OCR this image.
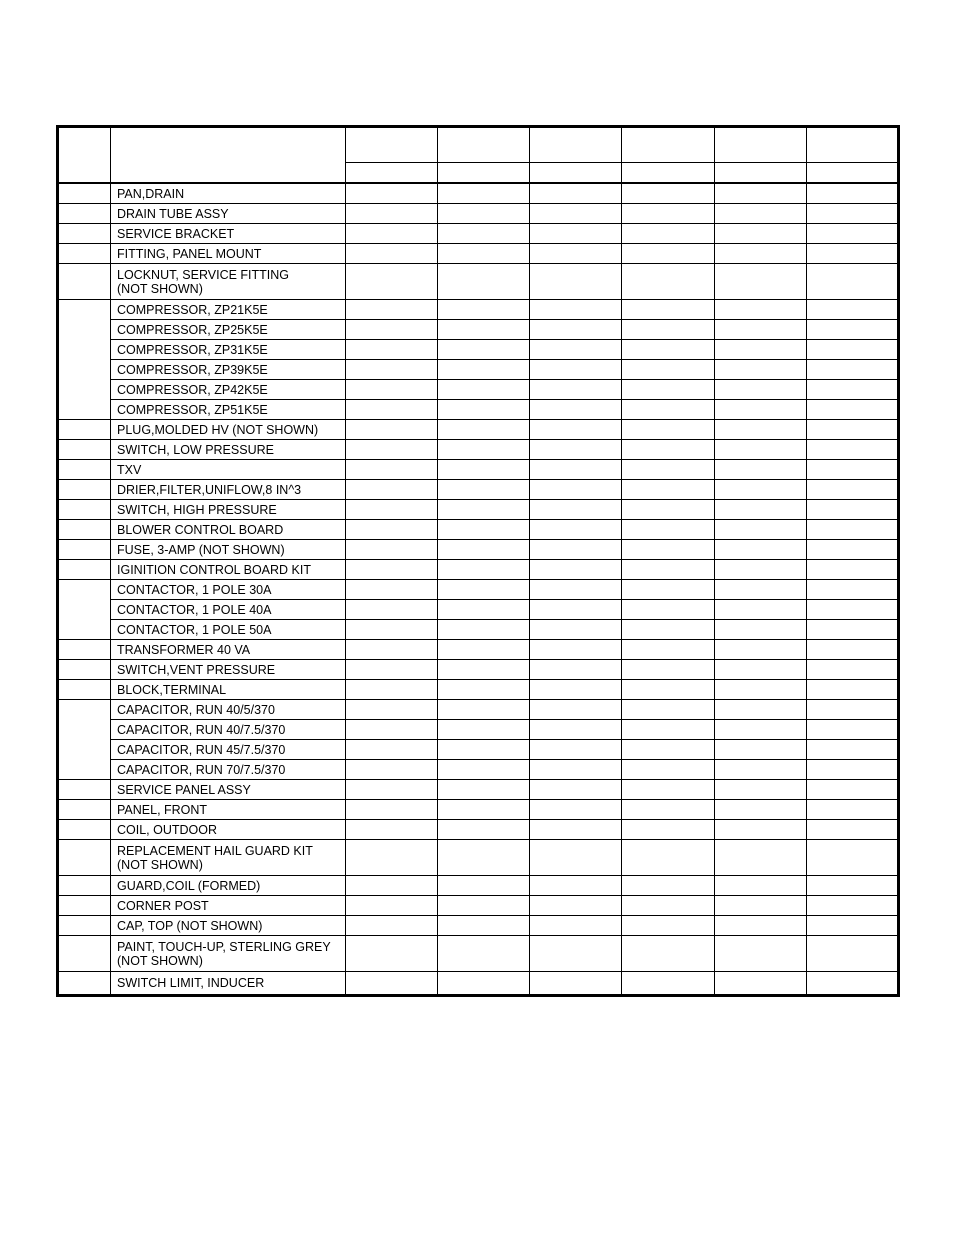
	PAN,DRAIN						

	DRAIN TUBE ASSY						

	SERVICE BRACKET						

	FITTING, PANEL MOUNT						

	LOCKNUT, SERVICE FITTING
(NOT SHOWN)						

	COMPRESSOR, ZP21K5E						

	COMPRESSOR, ZP25K5E						

	COMPRESSOR, ZP31K5E						

	COMPRESSOR, ZP39K5E						

	COMPRESSOR, ZP42K5E						

	COMPRESSOR, ZP51K5E						

	PLUG,MOLDED HV (NOT SHOWN)						

	SWITCH, LOW PRESSURE						

	TXV						

	DRIER,FILTER,UNIFLOW,8 IN^3						

	SWITCH, HIGH PRESSURE						

	BLOWER CONTROL BOARD						

	FUSE, 3-AMP (NOT SHOWN)						

	IGINITION CONTROL BOARD KIT						

	CONTACTOR, 1 POLE 30A						

	CONTACTOR, 1 POLE 40A						

	CONTACTOR, 1 POLE 50A						

	TRANSFORMER 40 VA						

	SWITCH,VENT PRESSURE						

	BLOCK,TERMINAL						

	CAPACITOR, RUN 40/5/370						

	CAPACITOR, RUN 40/7.5/370						

	CAPACITOR, RUN 45/7.5/370						

	CAPACITOR, RUN 70/7.5/370						

	SERVICE PANEL ASSY						

	PANEL, FRONT						

	COIL, OUTDOOR						

	REPLACEMENT HAIL GUARD KIT
(NOT SHOWN)						

	GUARD,COIL (FORMED)						

	CORNER POST						

	CAP, TOP (NOT SHOWN)						

	PAINT, TOUCH-UP, STERLING GREY
(NOT SHOWN)						

	SWITCH LIMIT, INDUCER						
